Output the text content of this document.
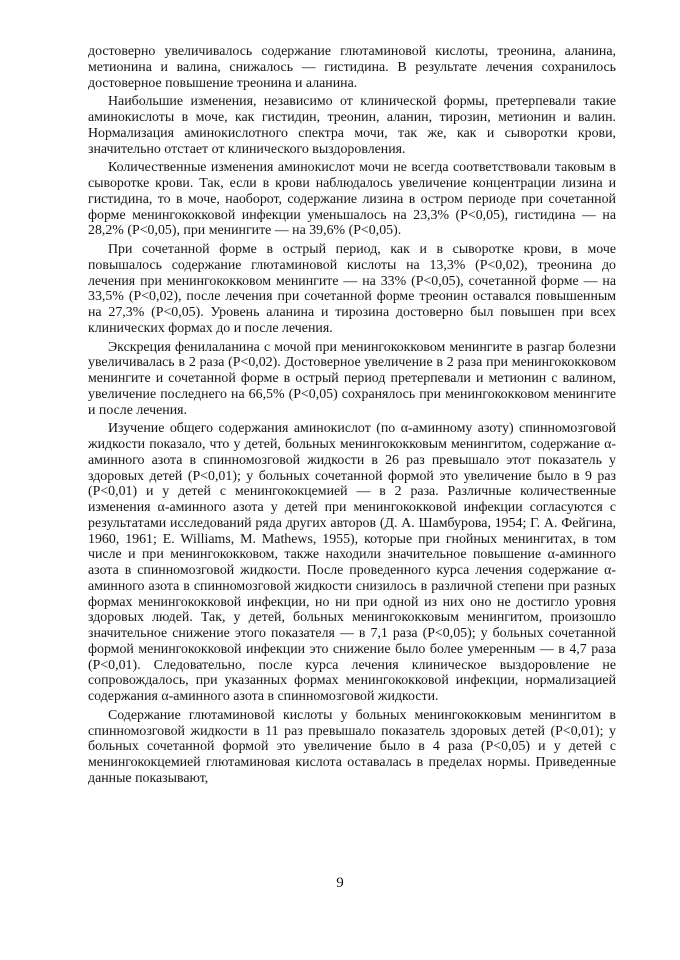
достоверно увеличивалось содержание глютаминовой кислоты, треонина, аланина, метионина и валина, снижалось — гистидина. В результате лечения сохранилось достоверное повышение треонина и аланина.

Наибольшие изменения, независимо от клинической формы, претерпевали такие аминокислоты в моче, как гистидин, треонин, аланин, тирозин, метионин и валин. Нормализация аминокислотного спектра мочи, так же, как и сыворотки крови, значительно отстает от клинического выздоровления.

Количественные изменения аминокислот мочи не всегда соответствовали таковым в сыворотке крови. Так, если в крови наблюдалось увеличение концентрации лизина и гистидина, то в моче, наоборот, содержание лизина в остром периоде при сочетанной форме менингококковой инфекции уменьшалось на 23,3% (P<0,05), гистидина — на 28,2% (P<0,05), при менингите — на 39,6% (P<0,05).

При сочетанной форме в острый период, как и в сыворотке крови, в моче повышалось содержание глютаминовой кислоты на 13,3% (P<0,02), треонина до лечения при менингококковом менингите — на 33% (P<0,05), сочетанной форме — на 33,5% (P<0,02), после лечения при сочетанной форме треонин оставался повышенным на 27,3% (P<0,05). Уровень аланина и тирозина достоверно был повышен при всех клинических формах до и после лечения.

Экскреция фенилаланина с мочой при менингококковом менингите в разгар болезни увеличивалась в 2 раза (P<0,02). Достоверное увеличение в 2 раза при менингококковом менингите и сочетанной форме в острый период претерпевали и метионин с валином, увеличение последнего на 66,5% (P<0,05) сохранялось при менингококковом менингите и после лечения.

Изучение общего содержания аминокислот (по α-аминному азоту) спинномозговой жидкости показало, что у детей, больных менингококковым менингитом, содержание α-аминного азота в спинномозговой жидкости в 26 раз превышало этот показатель у здоровых детей (P<0,01); у больных сочетанной формой это увеличение было в 9 раз (P<0,01) и у детей с менингококцемией — в 2 раза. Различные количественные изменения α-аминного азота у детей при менингококковой инфекции согласуются с результатами исследований ряда других авторов (Д. А. Шамбурова, 1954; Г. А. Фейгина, 1960, 1961; E. Williams, M. Mathews, 1955), которые при гнойных менингитах, в том числе и при менингококковом, также находили значительное повышение α-аминного азота в спинномозговой жидкости. После проведенного курса лечения содержание α-аминного азота в спинномозговой жидкости снизилось в различной степени при разных формах менингококковой инфекции, но ни при одной из них оно не достигло уровня здоровых людей. Так, у детей, больных менингококковым менингитом, произошло значительное снижение этого показателя — в 7,1 раза (P<0,05); у больных сочетанной формой менингококковой инфекции это снижение было более умеренным — в 4,7 раза (P<0,01). Следовательно, после курса лечения клиническое выздоровление не сопровождалось, при указанных формах менингококковой инфекции, нормализацией содержания α-аминного азота в спинномозговой жидкости.

Содержание глютаминовой кислоты у больных менингококковым менингитом в спинномозговой жидкости в 11 раз превышало показатель здоровых детей (P<0,01); у больных сочетанной формой это увеличение было в 4 раза (P<0,05) и у детей с менингококцемией глютаминовая кислота оставалась в пределах нормы. Приведенные данные показывают,

9
